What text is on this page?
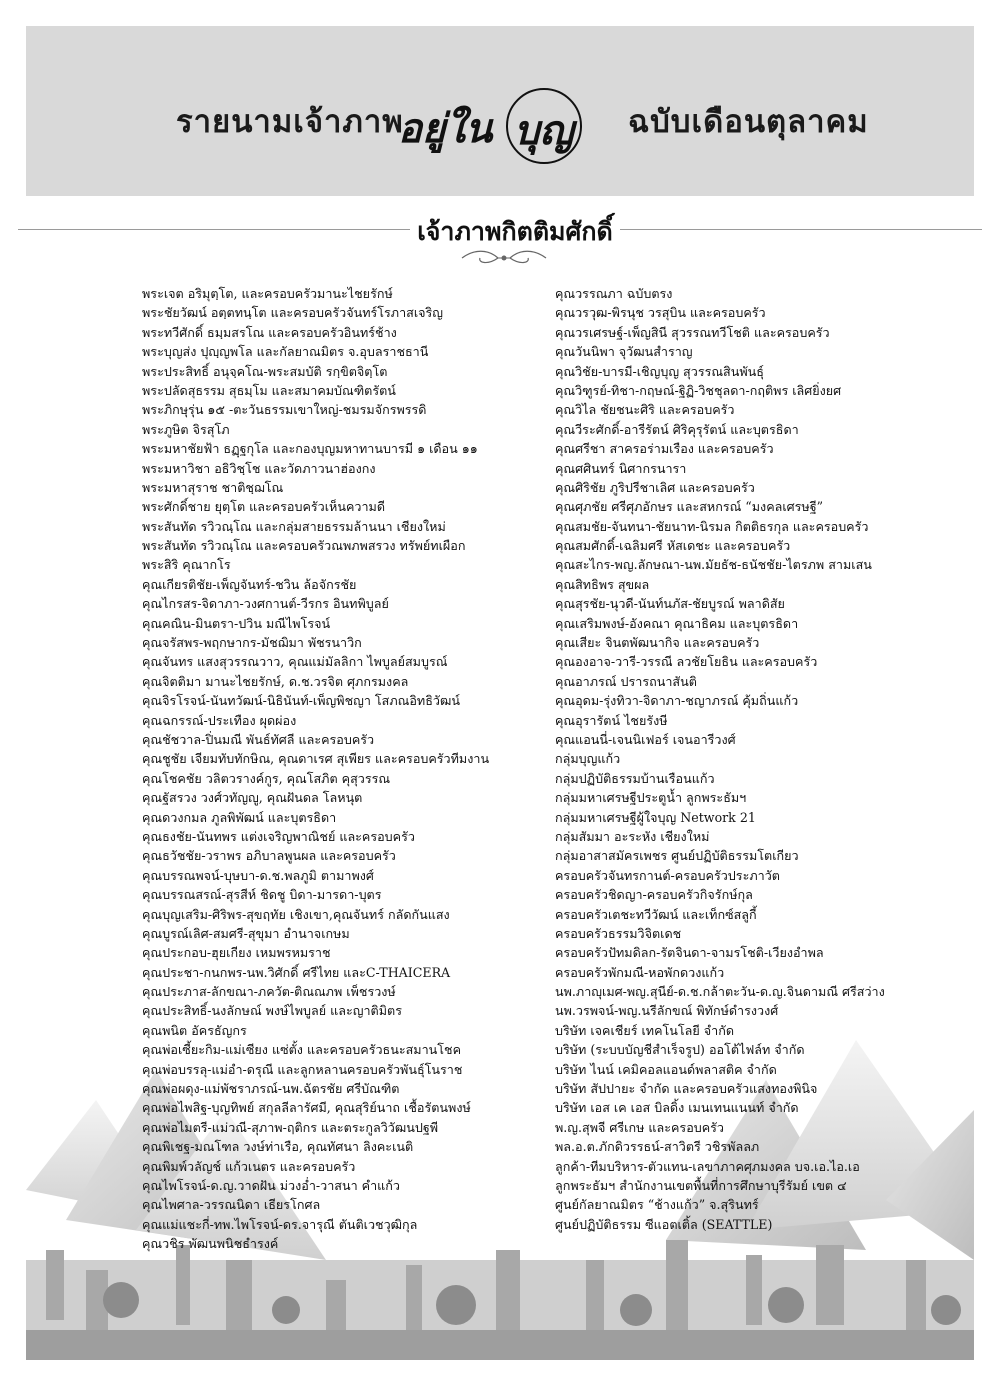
รายนามเจ้าภาพ
อยู่ใน บุญ ฉบับเดือนตุลาคม
เจ้าภาพกิตติมศักดิ์
พระเจต อริมุตฺโต, และครอบครัวมานะไชยรักษ์
พระชัยวัฒน์ อตฺตทนฺโต และครอบครัวจันทร์โรภาสเจริญ
พระทวีศักดิ์ ธมฺมสรโณ และครอบครัวอินทร์ช้าง
พระบุญส่ง ปุญฺญพโล และกัลยาณมิตร จ.อุบลราชธานี
พระประสิทธิ์ อนุจฺคโณ-พระสมบัติ รกฺขิตจิตฺโต
พระปลัดสุธรรม สุธมฺโม และสมาคมบัณฑิตรัตน์
พระภิกษุรุ่น ๑๕ -ตะวันธรรมเขาใหญ่-ชมรมจักรพรรดิ
พระภูษิต จิรสุโภ
พระมหาชัยฟ้า ธฏฺฐกุโล และกองบุญมหาทานบารมี ๑ เดือน ๑๑
พระมหาวิชา อธิวิชฺโช และวัดภาวนาฮ่องกง
พระมหาสุราช ชาติชฺฌโณ
พระศักดิ์ชาย ยุตฺโต และครอบครัวเห็นความดี
พระสันทัด รวิวณฺโณ และกลุ่มสายธรรมล้านนา เชียงใหม่
พระสันทัด รวิวณฺโณ และครอบครัวณพภพสรวง ทรัพย์ทเผือก
พระสิริ คุณากโร
คุณเกียรติชัย-เพ็ญจันทร์-ชวิน ล้อจักรชัย
คุณไกรสร-จิดาภา-วงศกานต์-วีรกร อินทพิบูลย์
คุณคณิน-มินตรา-ปวิน มณีไพโรจน์
คุณจรัสพร-พฤกษากร-มัชฌิมา พัชรนาวิก
คุณจันทร แสงสุวรรณวาว, คุณแม่มัลลิกา ไพบูลย์สมบูรณ์
คุณจิตติมา มานะไชยรักษ์, ด.ช.วรจิต ศุภกรมงคล
คุณจิรโรจน์-นันทวัฒน์-นิธินันท์-เพ็ญพิชญา โสภณอิทธิวัฒน์
คุณฉกรรณ์-ประเทือง ผุดผ่อง
คุณชัชวาล-ปิ่นมณี พันธ์ทัศลี และครอบครัว
คุณชูชัย เจียมทับทักษิณ, คุณดาเรศ สุเพียร และครอบครัวทีมงาน
คุณโชคชัย วลิตวรางค์กูร, คุณโสภิต คุสุวรรณ
คุณฐัสรวง วงศ์วทัญญู, คุณฝันดล โลหนุต
คุณดวงกมล ภูลพิพัฒน์ และบุตรธิดา
คุณธงชัย-นันทพร แต่งเจริญพาณิชย์ และครอบครัว
คุณธวัชชัย-วราพร อภิบาลพูนผล และครอบครัว
คุณบรรณพจน์-บุษบา-ด.ช.พลภูมิ ตามาพงศ์
คุณบรรณสรณ์-สุรสีห์ ชิดชู บิดา-มารดา-บุตร
คุณบุญเสริม-ศิริพร-สุขฤทัย เชิงเขา,คุณจันทร์ กลัดกันแสง
คุณบูรณ์เลิศ-สมศรี-สุขุมา อำนาจเกษม
คุณประกอบ-ฮุยเกียง เหมพรหมราช
คุณประชา-กนกพร-นพ.วิศักดิ์ ศรีไทย และC-THAICERA
คุณประภาส-ลักขณา-ภควัต-ติณณภพ เพ็ชรวงษ์
คุณประสิทธิ์-นงลักษณ์ พงษ์ไพบูลย์ และญาติมิตร
คุณพนิต อัครธัญกร
คุณพ่อเซี้ยะกิม-แม่เซียง แซ่ตั้ง และครอบครัวธนะสมานโชค
คุณพ่อบรรลุ-แม่อำ-ดรุณี และลูกหลานครอบครัวพันธุ์โนราช
คุณพ่อผดุง-แม่พัชราภรณ์-นพ.ฉัตรชัย ศรีบัณฑิต
คุณพ่อไพสิฐ-บุญทิพย์ สกุลลีลารัศมี, คุณสุริย์นาถ เชื้อรัตนพงษ์
คุณพ่อไมตรี-แม่วณี-สุภาพ-ฤติกร และตระกูลวิวัฒนปฐพี
คุณพิเชฐ-มณโฑล วงษ์ท่าเรือ, คุณทัศนา ลิงคะเนติ
คุณพิมพ์วลัญช์ แก้วเนตร และครอบครัว
คุณไพโรจน์-ด.ญ.วาดฝัน ม่วงอ่ำ-วาสนา คำแก้ว
คุณไพศาล-วรรณนิดา เธียรโกศล
คุณแม่แชะกี่-ทพ.ไพโรจน์-ดร.จารุณี ตันติเวชวุฒิกุล
คุณวชิร พัฒนพนิชธำรงค์
คุณวรรณภา ฉบับตรง
คุณวรวุฒ-พิรนุช วรสุบิน และครอบครัว
คุณวรเศรษฐ์-เพ็ญสินี สุวรรณทวีโชติ และครอบครัว
คุณวันนิพา จุวัฒนสำราญ
คุณวิชัย-บารมี-เชิญบุญ สุวรรณสินพันธุ์
คุณวิฑูรย์-ทิชา-กฤษณ์-ฐิฏิ-วิชชุลดา-กฤติพร เลิศยิ่งยศ
คุณวิไล ชัยชนะศิริ และครอบครัว
คุณวีระศักดิ์-อารีรัตน์ ศิริคุรุรัตน์ และบุตรธิดา
คุณศรีชา สาครอร่ามเรือง และครอบครัว
คุณศศินทร์ นิศากรนารา
คุณศิริชัย ภูริปรีชาเลิศ และครอบครัว
คุณศุภชัย ศรีศุภอักษร และสหกรณ์ “มงคลเศรษฐี”
คุณสมชัย-จันทนา-ชัยนาท-นิรมล กิตติธรกุล และครอบครัว
คุณสมศักดิ์-เฉลิมศรี หัสเดชะ และครอบครัว
คุณสะไกร-พญ.ลักษณา-นพ.มัยธัช-ธนัชชัย-ไตรภพ สามเสน
คุณสิทธิพร สุขผล
คุณสุรชัย-นุวดี-นันท์นภัส-ชัยบูรณ์ พลาดิสัย
คุณเสริมพงษ์-อังคณา คุณาธิคม และบุตรธิดา
คุณเสียะ จินตพัฒนากิจ และครอบครัว
คุณองอาจ-วารี-วรรณี ลวชัยโยธิน และครอบครัว
คุณอาภรณ์ ปรารถนาสันติ
คุณอุดม-รุ่งทิวา-จิดาภา-ชญาภรณ์ คุ้มถิ่นแก้ว
คุณอุรารัตน์ ไชยรังษี
คุณแอนนี่-เจนนิเฟอร์ เจนอารีวงศ์
กลุ่มบุญแก้ว
กลุ่มปฏิบัติธรรมบ้านเรือนแก้ว
กลุ่มมหาเศรษฐีประตูน้ำ ลูกพระธัมฯ
กลุ่มมหาเศรษฐีผู้ใจบุญ Network 21
กลุ่มสัมมา อะระหัง เชียงใหม่
กลุ่มอาสาสมัครเพชร ศูนย์ปฏิบัติธรรมโตเกียว
ครอบครัวจันทรกานต์-ครอบครัวประภาวัต
ครอบครัวชิดญา-ครอบครัวกิจรักษ์กุล
ครอบครัวเตชะทวีวัฒน์ และเท็กซ์สลูกี้
ครอบครัวธรรมวิจิตเดช
ครอบครัวปัทมดิลก-รัตจินดา-จามรโชติ-เวียงอำพล
ครอบครัวพักมณี-หอพักดวงแก้ว
นพ.ภาญุเมศ-พญ.สุนีย์-ด.ช.กล้าตะวัน-ด.ญ.จินดามณี ศรีสว่าง
นพ.วรพจน์-พญ.นรีลักขณ์ พิทักษ์ดำรงวงศ์
บริษัท เจคเชียร์ เทคโนโลยี จำกัด
บริษัท (ระบบบัญชีสำเร็จรูป) ออโต้ไฟล์ท จำกัด
บริษัท ไนน์ เคมิคอลแอนด์พลาสติค จำกัด
บริษัท สัปปายะ จำกัด และครอบครัวแสงทองพินิจ
บริษัท เอส เค เอส บิลดิ้ง เมนเทนแนนท์ จำกัด
พ.ญ.สุพจี ศรีเกษ และครอบครัว
พล.อ.ต.ภักดิวรรธน์-สาวิตรี วชิรพัลลภ
ลูกค้า-ทีมบริหาร-ตัวแทน-เลขาภาคศุภมงคล บจ.เอ.ไอ.เอ
ลูกพระธัมฯ สำนักงานเขตพื้นที่การศึกษาบุรีรัมย์ เขต ๔
ศูนย์กัลยาณมิตร “ช้างแก้ว” จ.สุรินทร์
ศูนย์ปฏิบัติธรรม ซีแอตเติ้ล (SEATTLE)
